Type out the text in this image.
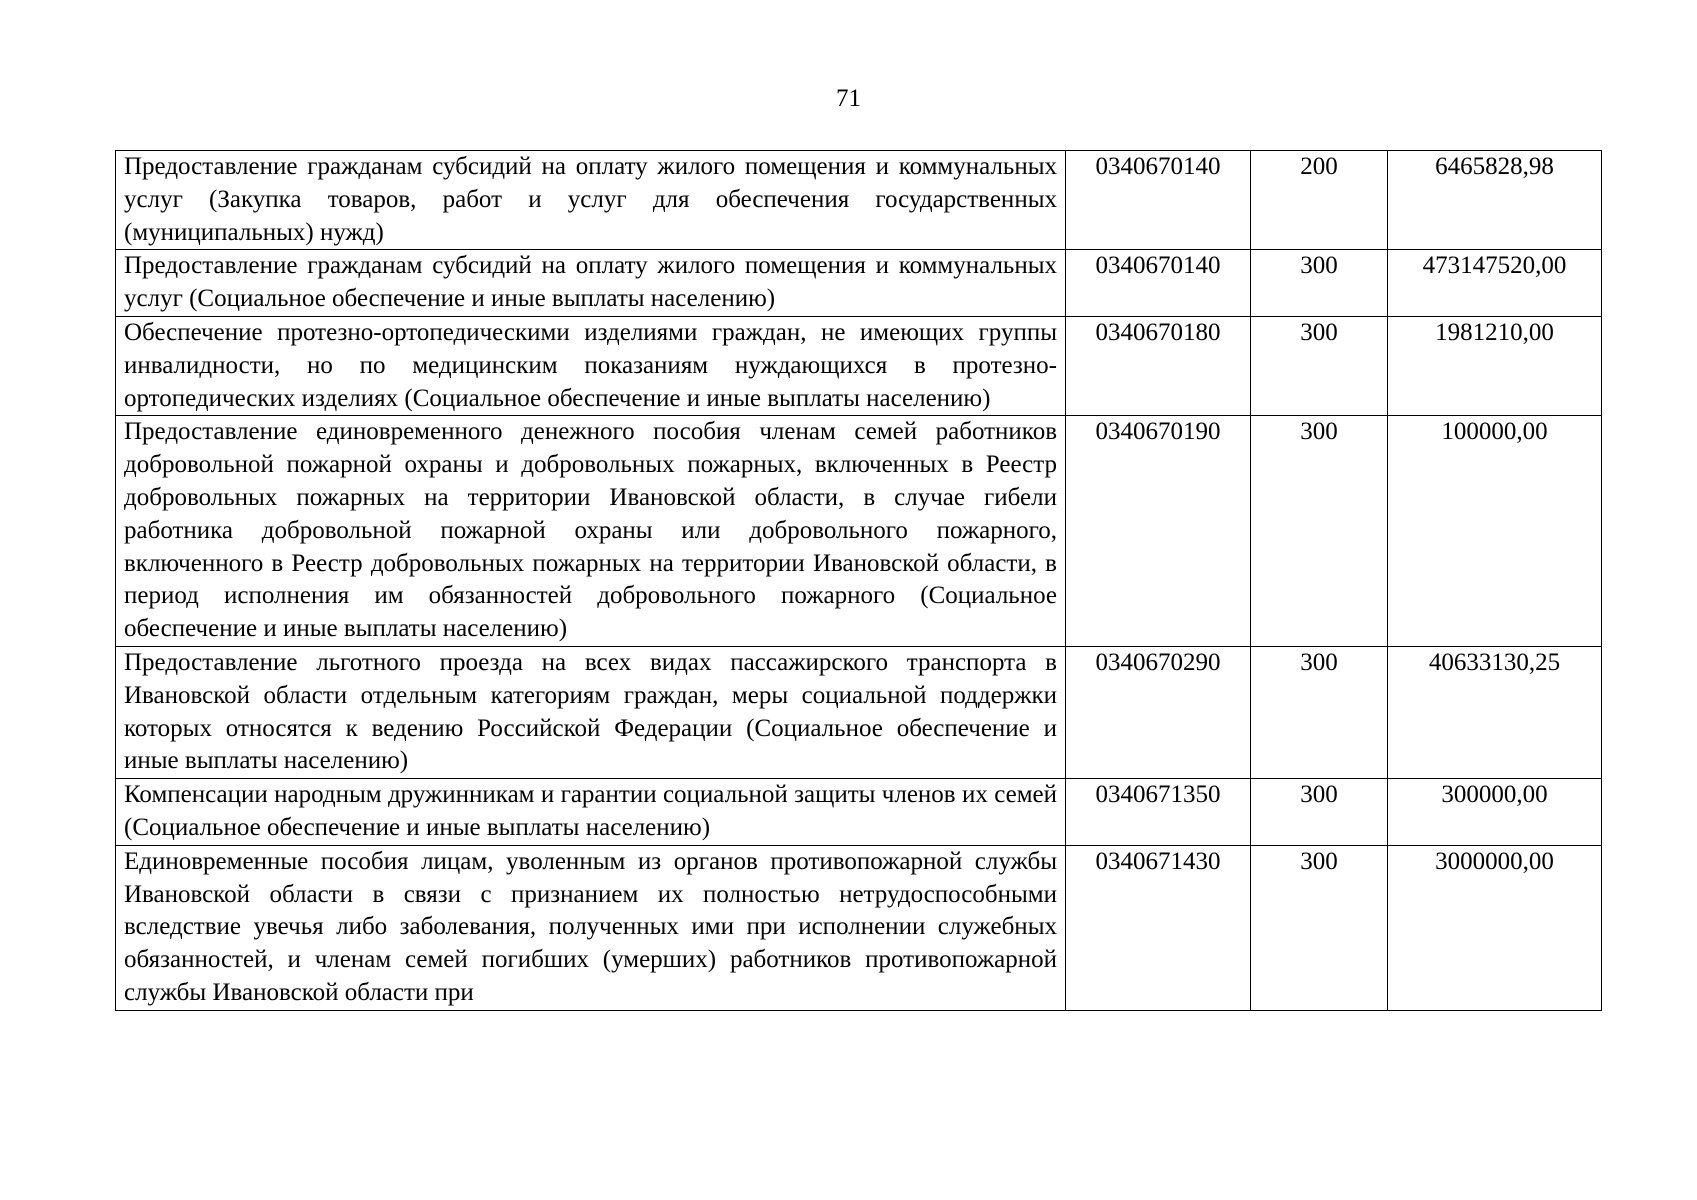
71
Предоставление гражданам субсидий на оплату жилого помещения и коммунальных услуг (Закупка товаров, работ и услуг для обеспечения государственных (муниципальных) нужд)	0340670140	200	6465828,98
Предоставление гражданам субсидий на оплату жилого помещения и коммунальных услуг (Социальное обеспечение и иные выплаты населению)	0340670140	300	473147520,00
Обеспечение протезно-ортопедическими изделиями граждан, не имеющих группы инвалидности, но по медицинским показаниям нуждающихся в протезно-ортопедических изделиях (Социальное обеспечение и иные выплаты населению)	0340670180	300	1981210,00
Предоставление единовременного денежного пособия членам семей работников добровольной пожарной охраны и добровольных пожарных, включенных в Реестр добровольных пожарных на территории Ивановской области, в случае гибели работника добровольной пожарной охраны или добровольного пожарного, включенного в Реестр добровольных пожарных на территории Ивановской области, в период исполнения им обязанностей добровольного пожарного (Социальное обеспечение и иные выплаты населению)	0340670190	300	100000,00
Предоставление льготного проезда на всех видах пассажирского транспорта в Ивановской области отдельным категориям граждан, меры социальной поддержки которых относятся к ведению Российской Федерации (Социальное обеспечение и иные выплаты населению)	0340670290	300	40633130,25
Компенсации народным дружинникам и гарантии социальной защиты членов их семей (Социальное обеспечение и иные выплаты населению)	0340671350	300	300000,00
Единовременные пособия лицам, уволенным из органов противопожарной службы Ивановской области в связи с признанием их полностью нетрудоспособными вследствие увечья либо заболевания, полученных ими при исполнении служебных обязанностей, и членам семей погибших (умерших) работников противопожарной службы Ивановской области при	0340671430	300	3000000,00
